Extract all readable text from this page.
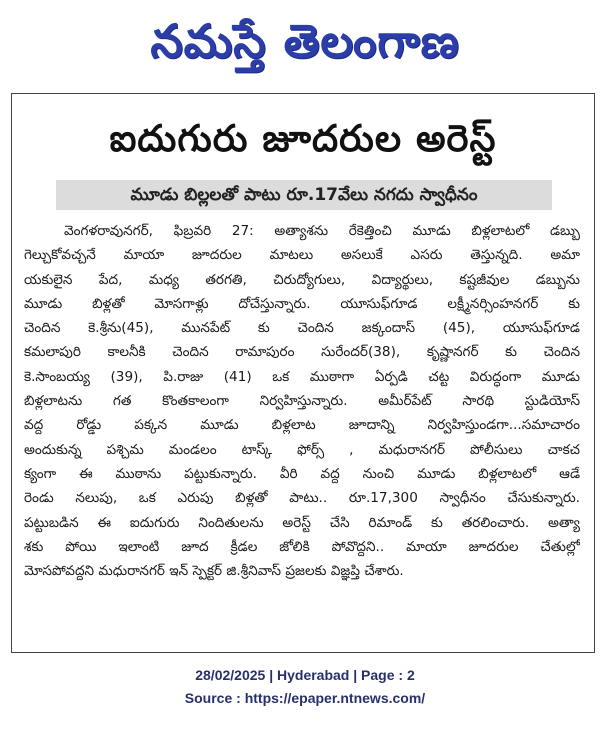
నమస్తే తెలంగాణ
ఐదుగురు జూదరుల అరెస్ట్
మూడు బిల్లలతో పాటు రూ.17వేలు నగదు స్వాధీనం
వెంగళరావునగర్, ఫిబ్రవరి 27: అత్యాశను రేకెత్తించి మూడు బిళ్లలాటలో డబ్బు
గెల్చుకోవచ్చనే మాయా జూదరుల మాటలు అసలుకే ఎసరు తెస్తున్నది. అమా
యకులైన పేద, మధ్య తరగతి, చిరుద్యోగులు, విద్యార్థులు, కష్టజీవుల డబ్బును
మూడు బిళ్లతో మోసగాళ్లు దోచేస్తున్నారు. యూసుఫ్‌గూడ లక్ష్మీనర్సింహనగర్ కు
చెందిన కె.శ్రీను(45), మునపేట్ కు చెందిన జక్కందాస్ (45), యూసుఫ్‌గూడ
కమలాపురి కాలనీకి చెందిన రామాపురం సురేందర్(38), కృష్ణానగర్ కు చెందిన
కె.సాంబయ్య (39), పి.రాజు (41) ఒక ముఠాగా ఏర్పడి చట్ట విరుద్ధంగా మూడు
బిళ్లలాటను గత కొంతకాలంగా నిర్వహిస్తున్నారు. అమీర్‌పేట్ సారథి స్టుడియోస్
వద్ద రోడ్డు పక్కన మూడు బిళ్లలాట జూదాన్ని నిర్వహిస్తుండగా...సమాచారం
అందుకున్న పశ్చిమ మండలం టాస్క్ ఫోర్స్ , మధురానగర్ పోలీసులు చాకచ
క్యంగా ఈ ముఠాను పట్టుకున్నారు. వీరి వద్ద నుంచి మూడు బిళ్లలాటలో ఆడే
రెండు నలుపు, ఒక ఎరుపు బిళ్లతో పాటు.. రూ.17,300 స్వాధీనం చేసుకున్నారు.
పట్టుబడిన ఈ ఐదుగురు నిందితులను అరెస్ట్ చేసి రిమాండ్ కు తరలించారు. అత్యా
శకు పోయి ఇలాంటి జూద క్రీడల జోలికి పోవొద్దని.. మాయా జూదరుల చేతుల్లో
మోసపోవద్దని మధురానగర్ ఇన్ స్పెక్టర్ జి.శ్రీనివాస్ ప్రజలకు విజ్ఞప్తి చేశారు.
28/02/2025 | Hyderabad | Page : 2
Source : https://epaper.ntnews.com/
